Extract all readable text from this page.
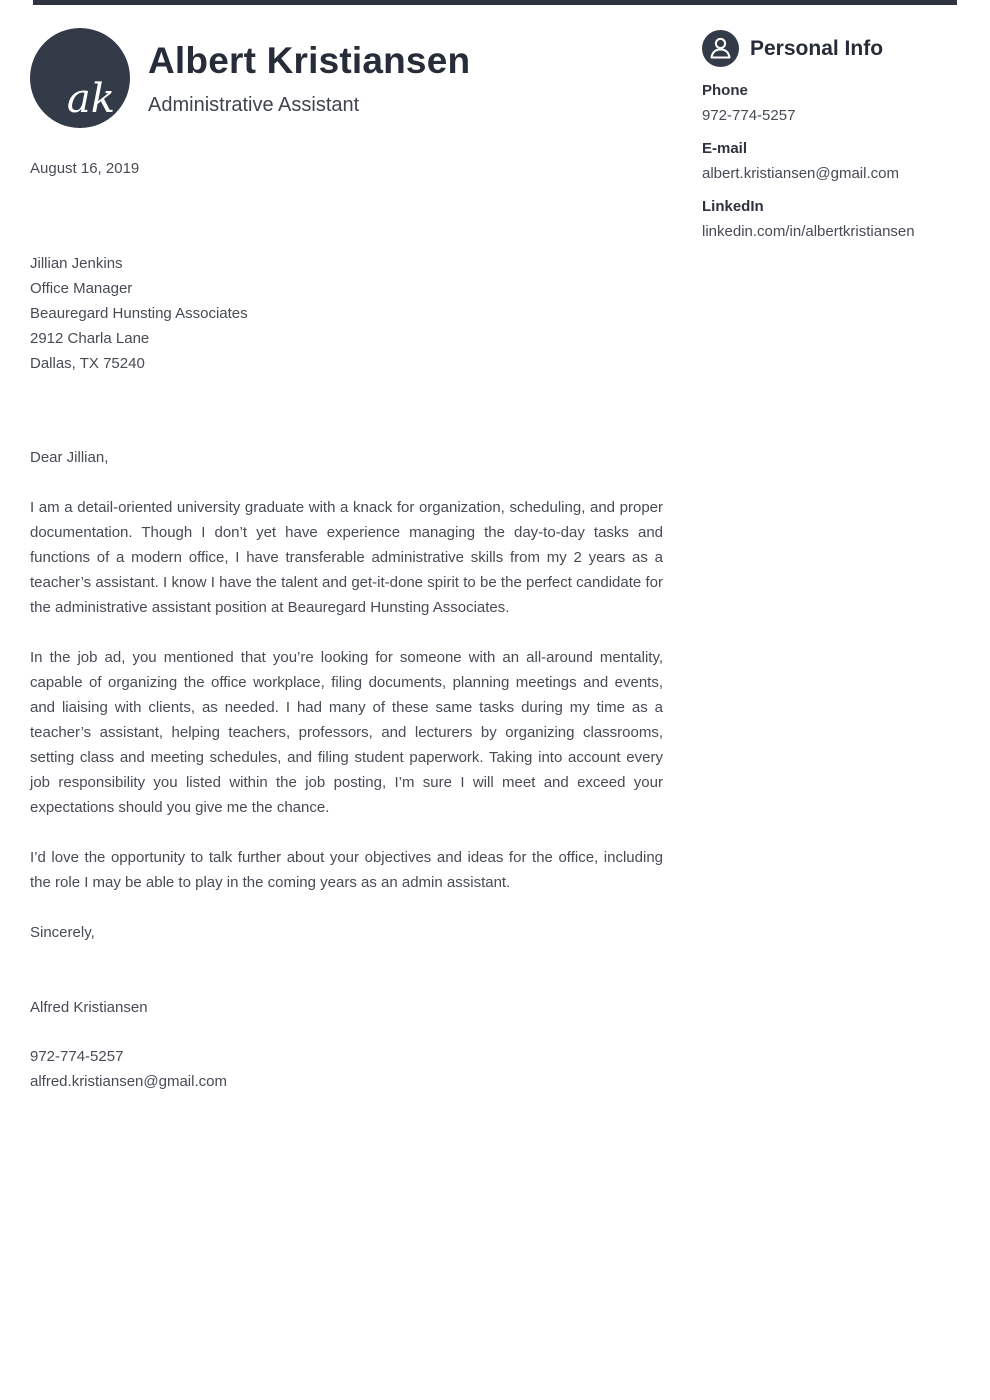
ak
Albert Kristiansen
Administrative Assistant
Personal Info
Phone
972-774-5257
E-mail
albert.kristiansen@gmail.com
LinkedIn
linkedin.com/in/albertkristiansen
August 16, 2019
Jillian Jenkins
Office Manager
Beauregard Hunsting Associates
2912 Charla Lane
Dallas, TX 75240
Dear Jillian,

I am a detail-oriented university graduate with a knack for organization, scheduling, and proper documentation. Though I don’t yet have experience managing the day-to-day tasks and functions of a modern office, I have transferable administrative skills from my 2 years as a teacher’s assistant. I know I have the talent and get-it-done spirit to be the perfect candidate for the administrative assistant position at Beauregard Hunsting Associates.

In the job ad, you mentioned that you’re looking for someone with an all-around mentality, capable of organizing the office workplace, filing documents, planning meetings and events, and liaising with clients, as needed. I had many of these same tasks during my time as a teacher’s assistant, helping teachers, professors, and lecturers by organizing classrooms, setting class and meeting schedules, and filing student paperwork. Taking into account every job responsibility you listed within the job posting, I’m sure I will meet and exceed your expectations should you give me the chance.

I’d love the opportunity to talk further about your objectives and ideas for the office, including the role I may be able to play in the coming years as an admin assistant.

Sincerely,
Alfred Kristiansen
972-774-5257
alfred.kristiansen@gmail.com
